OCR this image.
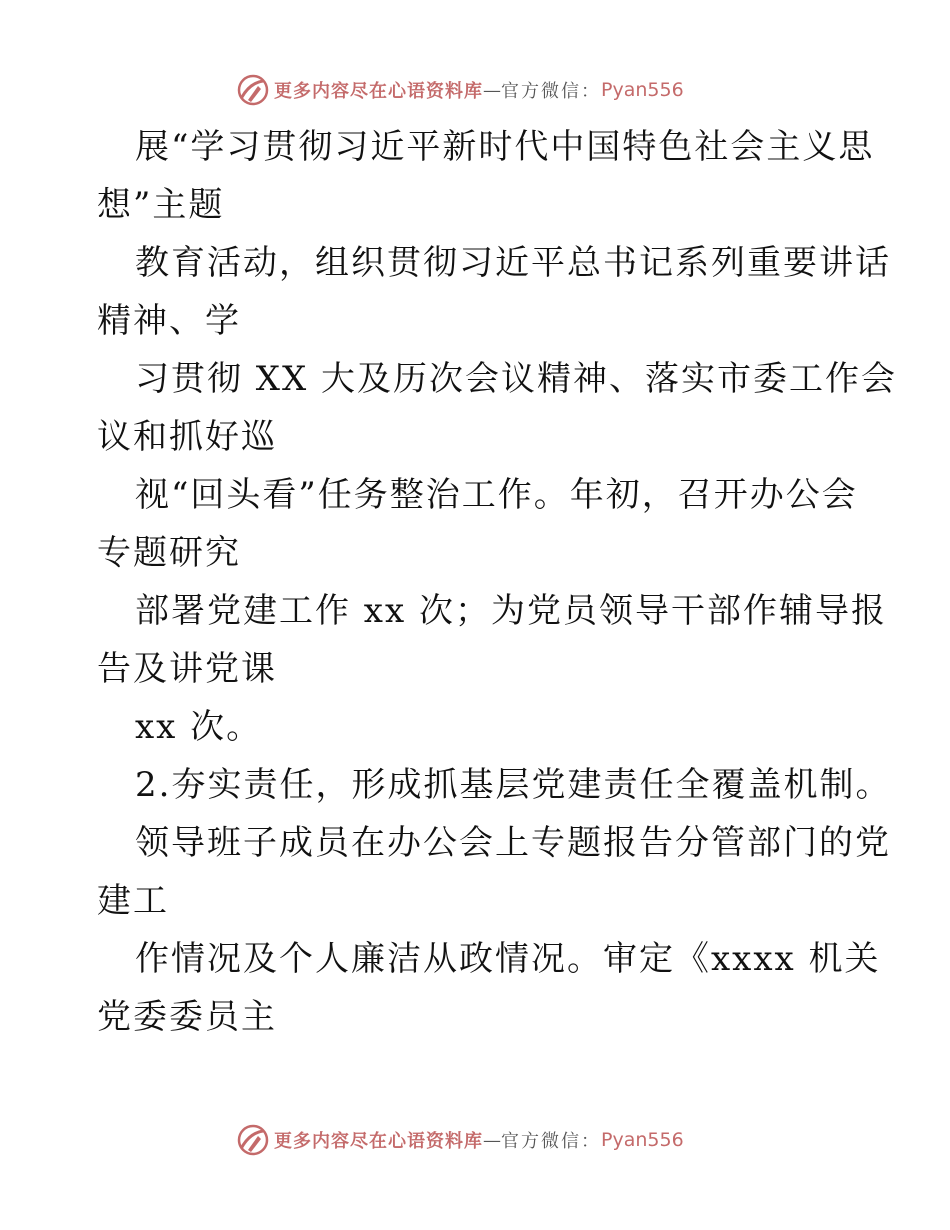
更多内容尽在心语资料库 — 官方微信： Pyan556
展“学习贯彻习近平新时代中国特色社会主义思
想”主题
教育活动，组织贯彻习近平总书记系列重要讲话
精神、学
习贯彻 XX 大及历次会议精神、落实市委工作会
议和抓好巡
视“回头看”任务整治工作。年初，召开办公会
专题研究
部署党建工作 xx 次；为党员领导干部作辅导报
告及讲党课
xx 次。
2.夯实责任，形成抓基层党建责任全覆盖机制。
领导班子成员在办公会上专题报告分管部门的党
建工
作情况及个人廉洁从政情况。审定《xxxx 机关
党委委员主
更多内容尽在心语资料库 — 官方微信： Pyan556
